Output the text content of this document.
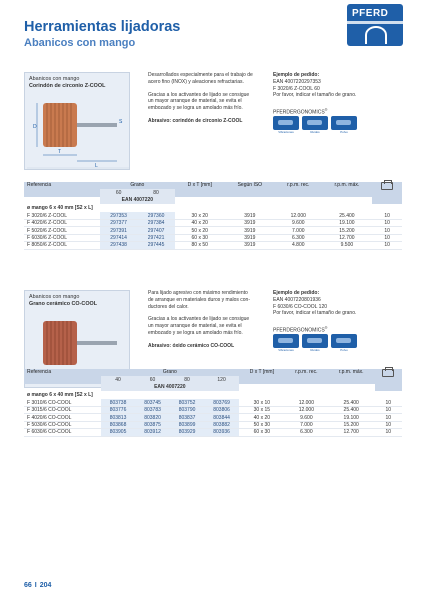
Herramientas lijadoras
Abanicos con mango
PFERD
Abanicos con mango
Corindón de circonio Z-COOL
D
T
S
L
Desarrollados especialmente para el trabajo de
acero fino (INOX) y aleaciones refractarias.
Gracias a los activantes de lijado se consigue
un mayor arranque de material, se evita el
embozado y se logra un amolado más frío.
Abrasivo: corindón de circonio Z-COOL
Ejemplo de pedido:
EAN 4007220297353
F 3020/6 Z-COOL 60
Por favor, indicar el tamaño de grano.
PFERDERGONOMICS®
Vibraciones	Ruidos	Polvo
Referencia	Grano		D x T [mm]	Según ISO	r.p.m. rec.	r.p.m. máx.	
	60	80					
	EAN 4007220						
ø mango 6 x 40 mm [S2 x L]							
F 3020/6 Z-COOL	297353	297360	30 x 20	3919	12.000	25.400	10
F 4020/6 Z-COOL	297377	297384	40 x 20	3919	9.600	19.100	10
F 5020/6 Z-COOL	297391	297407	50 x 20	3919	7.000	15.200	10
F 6030/6 Z-COOL	297414	297421	60 x 30	3919	6.300	12.700	10
F 8050/6 Z-COOL	297438	297445	80 x 50	3919	4.800	9.500	10
Abanicos con mango
Grano cerámico CO-COOL
Para lijado agresivo con máximo rendimiento
de arranque en materiales duros y malos con-
ductores del calor.
Gracias a los activantes de lijado se consigue
un mayor arranque de material, se evita el
embozado y se logra un amolado más frío.
Abrasivo: óxido cerámico CO-COOL
Ejemplo de pedido:
EAN 4007220801936
F 6030/6 CO-COOL 120
Por favor, indicar el tamaño de grano.
PFERDERGONOMICS®
Vibraciones	Ruidos	Polvo
Referencia	Grano				D x T [mm]	r.p.m. rec.	r.p.m. máx.	
	40	60	80	120				
	EAN 4007220							
ø mango 6 x 40 mm [S2 x L]								
F 3010/6 CO-COOL	803738	803745	803752	803769	30 x 10	12.000	25.400	10
F 3015/6 CO-COOL	803776	803783	803790	803806	30 x 15	12.000	25.400	10
F 4020/6 CO-COOL	803813	803820	803837	803844	40 x 20	9.600	19.100	10
F 5030/6 CO-COOL	803868	803875	803899	803882	50 x 30	7.000	15.200	10
F 6030/6 CO-COOL	803905	803912	803929	803936	60 x 30	6.300	12.700	10
66 I 204
